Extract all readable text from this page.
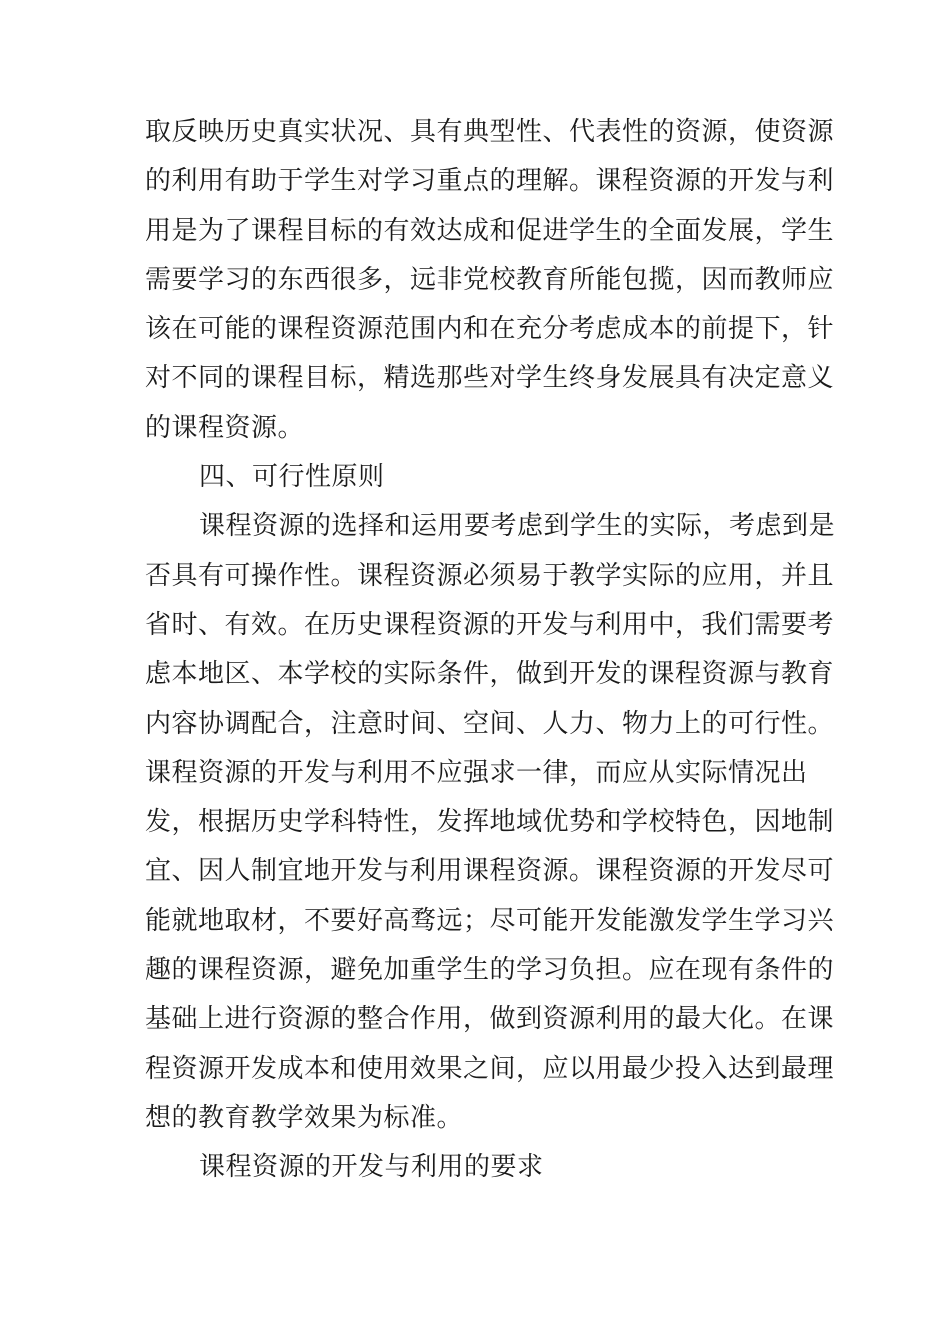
取反映历史真实状况、具有典型性、代表性的资源，使资源
的利用有助于学生对学习重点的理解。课程资源的开发与利
用是为了课程目标的有效达成和促进学生的全面发展，学生
需要学习的东西很多，远非党校教育所能包揽，因而教师应
该在可能的课程资源范围内和在充分考虑成本的前提下，针
对不同的课程目标，精选那些对学生终身发展具有决定意义
的课程资源。
四、可行性原则
课程资源的选择和运用要考虑到学生的实际，考虑到是
否具有可操作性。课程资源必须易于教学实际的应用，并且
省时、有效。在历史课程资源的开发与利用中，我们需要考
虑本地区、本学校的实际条件，做到开发的课程资源与教育
内容协调配合，注意时间、空间、人力、物力上的可行性。
课程资源的开发与利用不应强求一律，而应从实际情况出
发，根据历史学科特性，发挥地域优势和学校特色，因地制
宜、因人制宜地开发与利用课程资源。课程资源的开发尽可
能就地取材，不要好高骛远；尽可能开发能激发学生学习兴
趣的课程资源，避免加重学生的学习负担。应在现有条件的
基础上进行资源的整合作用，做到资源利用的最大化。在课
程资源开发成本和使用效果之间，应以用最少投入达到最理
想的教育教学效果为标准。
课程资源的开发与利用的要求
